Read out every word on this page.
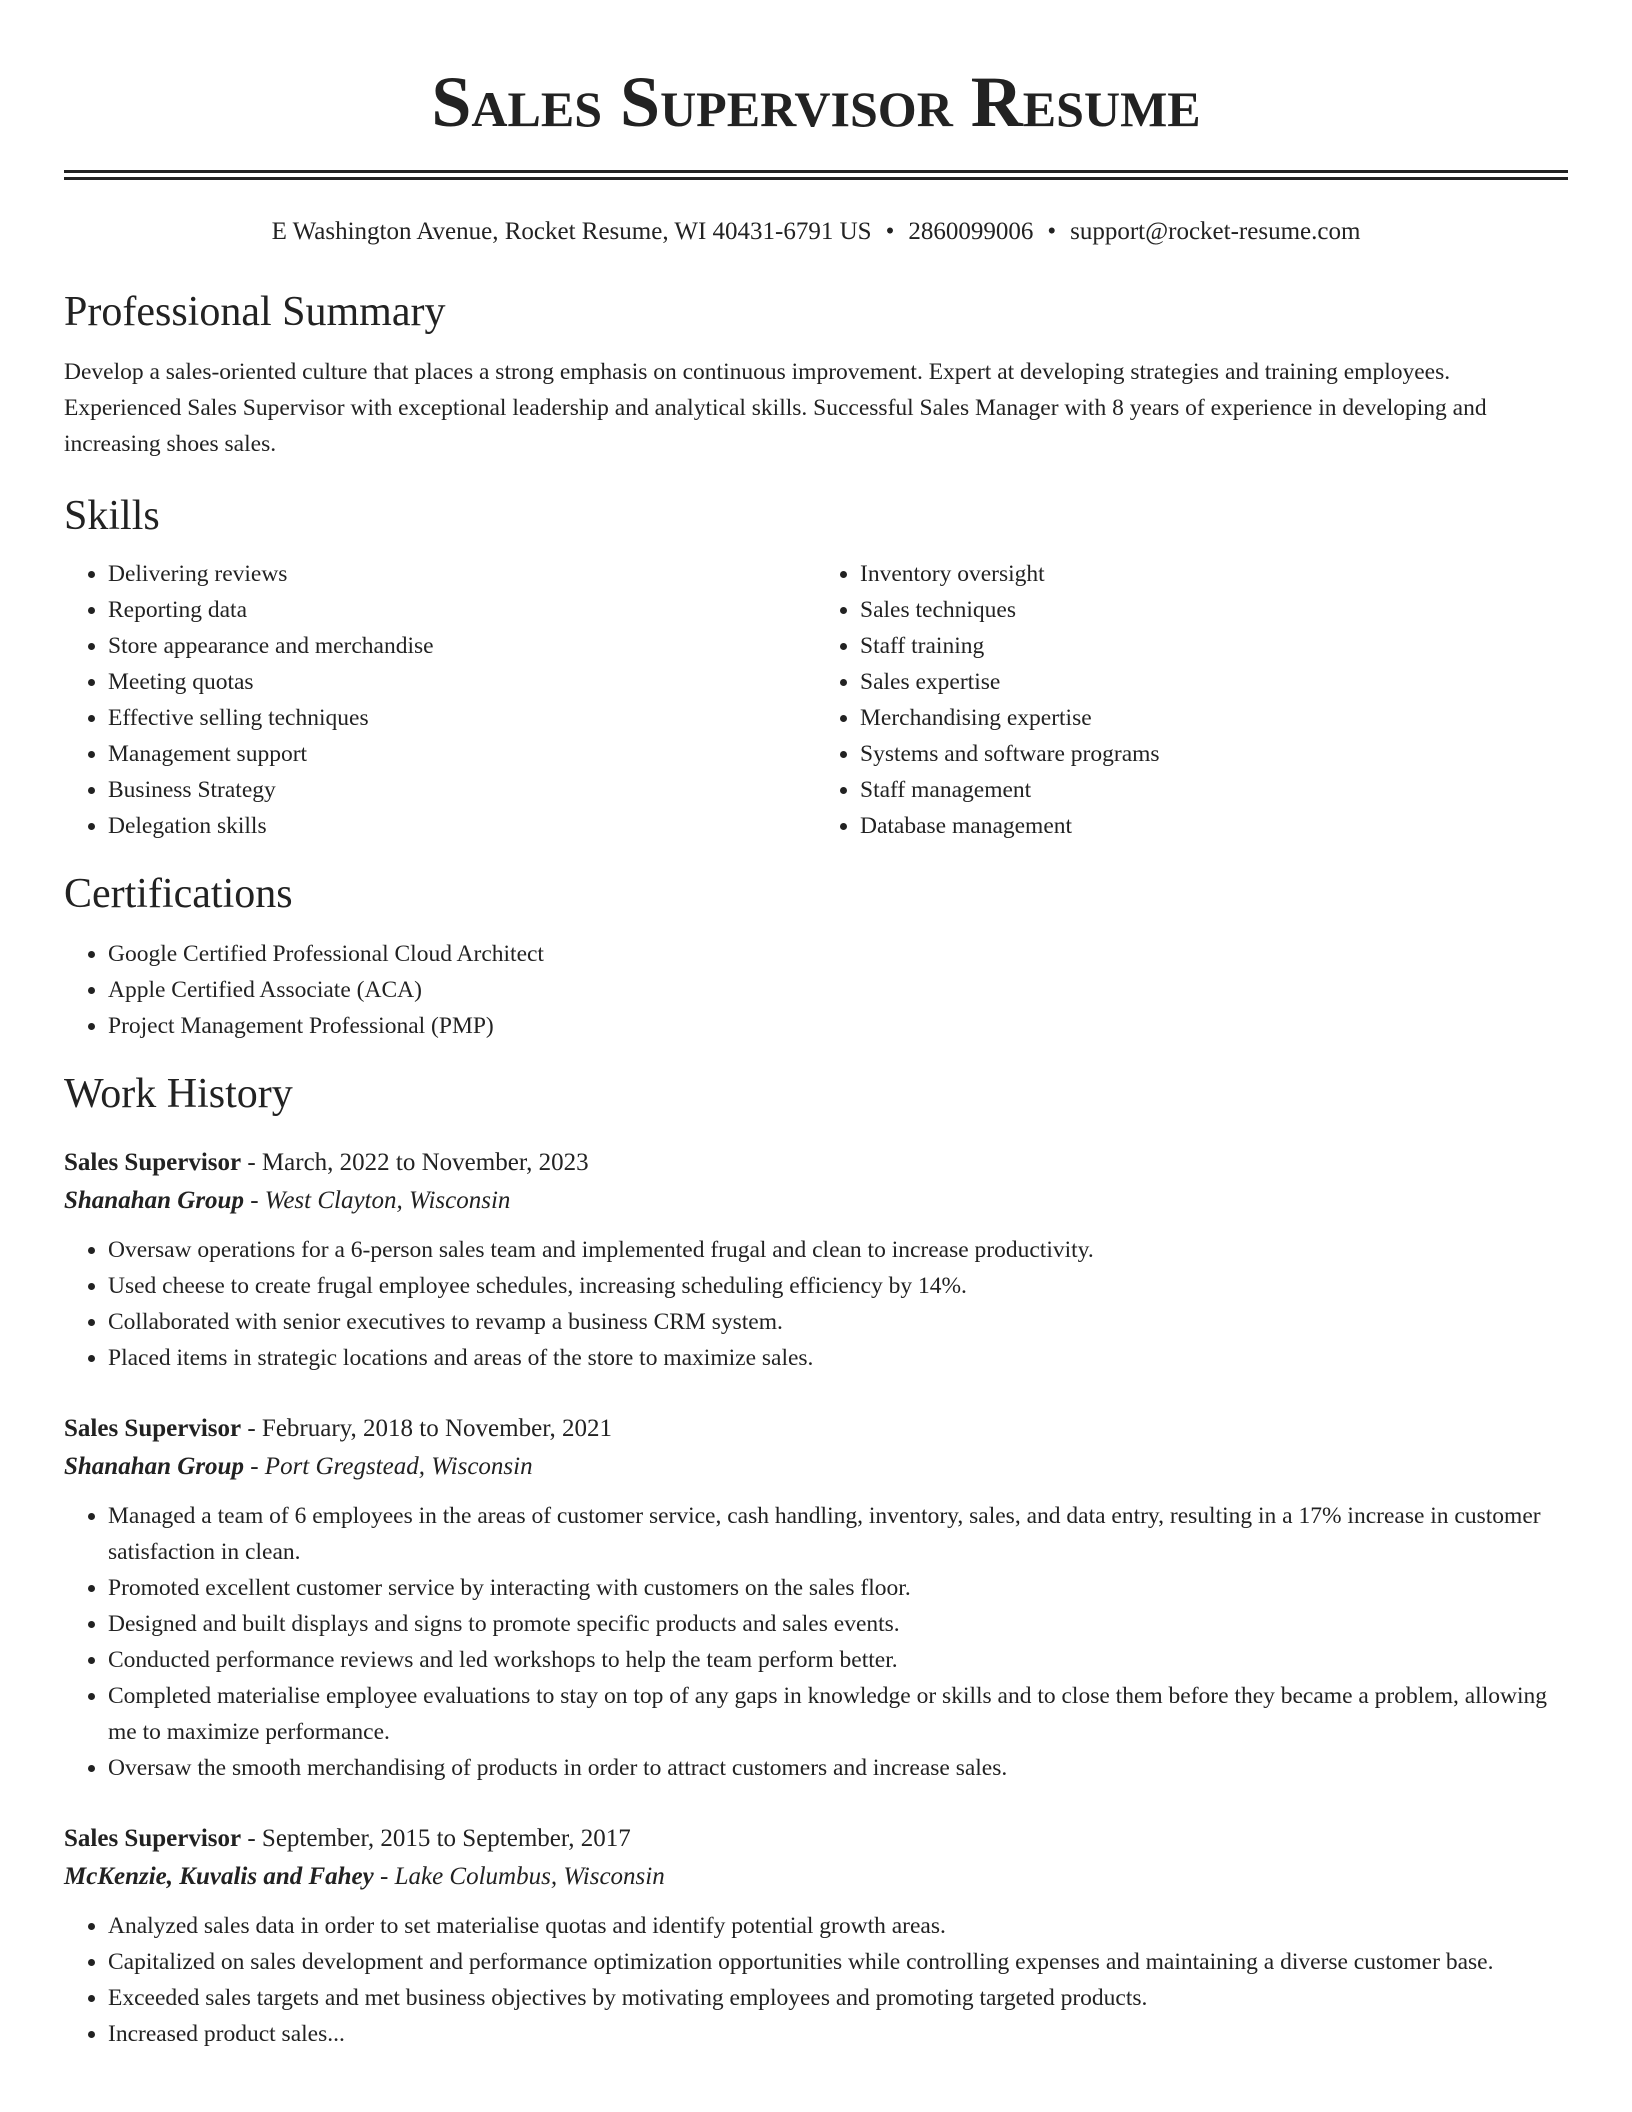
Sales Supervisor Resume
E Washington Avenue, Rocket Resume, WI 40431-6791 US • 2860099006 • support@rocket-resume.com
Professional Summary
Develop a sales-oriented culture that places a strong emphasis on continuous improvement. Expert at developing strategies and training employees. Experienced Sales Supervisor with exceptional leadership and analytical skills. Successful Sales Manager with 8 years of experience in developing and increasing shoes sales.
Skills
• Delivering reviews
• Reporting data
• Store appearance and merchandise
• Meeting quotas
• Effective selling techniques
• Management support
• Business Strategy
• Delegation skills
• Inventory oversight
• Sales techniques
• Staff training
• Sales expertise
• Merchandising expertise
• Systems and software programs
• Staff management
• Database management
Certifications
• Google Certified Professional Cloud Architect
• Apple Certified Associate (ACA)
• Project Management Professional (PMP)
Work History
Sales Supervisor - March, 2022 to November, 2023
Shanahan Group - West Clayton, Wisconsin
• Oversaw operations for a 6-person sales team and implemented frugal and clean to increase productivity.
• Used cheese to create frugal employee schedules, increasing scheduling efficiency by 14%.
• Collaborated with senior executives to revamp a business CRM system.
• Placed items in strategic locations and areas of the store to maximize sales.
Sales Supervisor - February, 2018 to November, 2021
Shanahan Group - Port Gregstead, Wisconsin
• Managed a team of 6 employees in the areas of customer service, cash handling, inventory, sales, and data entry, resulting in a 17% increase in customer satisfaction in clean.
• Promoted excellent customer service by interacting with customers on the sales floor.
• Designed and built displays and signs to promote specific products and sales events.
• Conducted performance reviews and led workshops to help the team perform better.
• Completed materialise employee evaluations to stay on top of any gaps in knowledge or skills and to close them before they became a problem, allowing me to maximize performance.
• Oversaw the smooth merchandising of products in order to attract customers and increase sales.
Sales Supervisor - September, 2015 to September, 2017
McKenzie, Kuvalis and Fahey - Lake Columbus, Wisconsin
• Analyzed sales data in order to set materialise quotas and identify potential growth areas.
• Capitalized on sales development and performance optimization opportunities while controlling expenses and maintaining a diverse customer base.
• Exceeded sales targets and met business objectives by motivating employees and promoting targeted products.
• Increased product sales...
